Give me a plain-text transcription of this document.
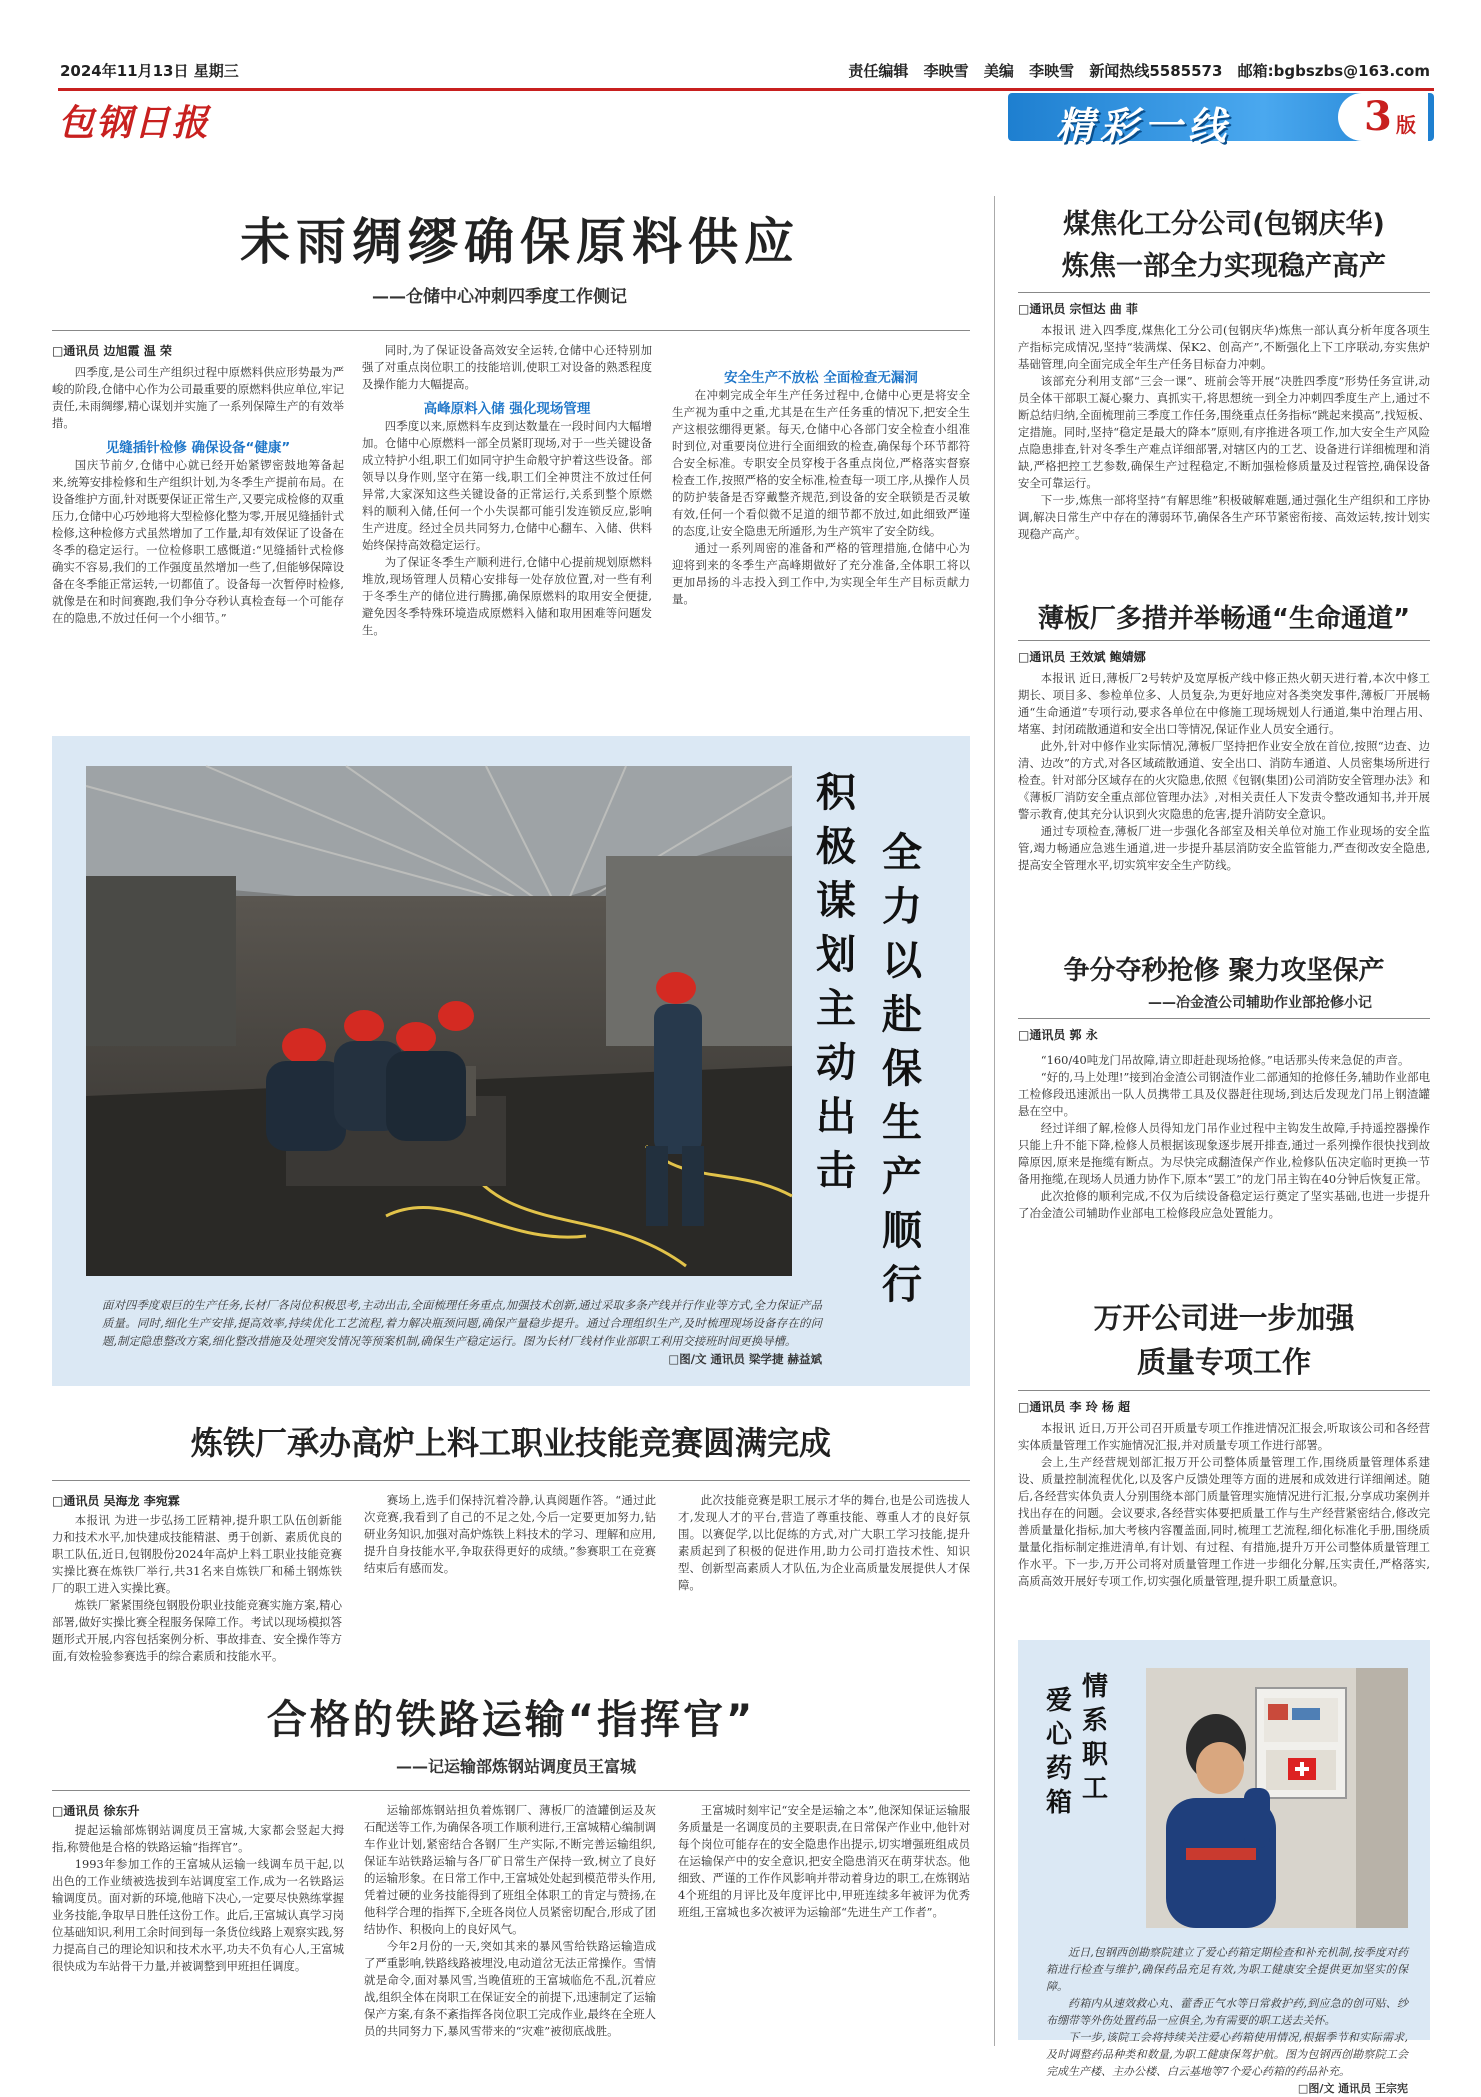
2024年11月13日 星期三	责任编辑 李映雪 美编 李映雪 新闻热线5585573 邮箱:bgbszbs@163.com
包钢日报	精彩一线	3 版
未雨绸缪确保原料供应
——仓储中心冲刺四季度工作侧记
□通讯员 边旭霞 温 荣

四季度,是公司生产组织过程中原燃料供应形势最为严峻的阶段,仓储中心作为公司最重要的原燃料供应单位,牢记责任,未雨绸缪,精心谋划并实施了一系列保障生产的有效举措。

见缝插针检修 确保设备“健康”

国庆节前夕,仓储中心就已经开始紧锣密鼓地筹备起来,统筹安排检修和生产组织计划,为冬季生产提前布局。在设备维护方面,针对既要保证正常生产,又要完成检修的双重压力,仓储中心巧妙地将大型检修化整为零,开展见缝插针式检修,这种检修方式虽然增加了工作量,却有效保证了设备在冬季的稳定运行。一位检修职工感慨道:“见缝插针式检修确实不容易,我们的工作强度虽然增加一些了,但能够保障设备在冬季能正常运转,一切都值了。设备每一次暂停时检修,就像是在和时间赛跑,我们争分夺秒认真检查每一个可能存在的隐患,不放过任何一个小细节。”

同时,为了保证设备高效安全运转,仓储中心还特别加强了对重点岗位职工的技能培训,使职工对设备的熟悉程度及操作能力大幅提高。

高峰原料入储 强化现场管理

四季度以来,原燃料车皮到达数量在一段时间内大幅增加。仓储中心原燃料一部全员紧盯现场,对于一些关键设备成立特护小组,职工们如同守护生命般守护着这些设备。部领导以身作则,坚守在第一线,职工们全神贯注不放过任何异常,大家深知这些关键设备的正常运行,关系到整个原燃料的顺利入储,任何一个小失误都可能引发连锁反应,影响生产进度。经过全员共同努力,仓储中心翻车、入储、供料始终保持高效稳定运行。

为了保证冬季生产顺利进行,仓储中心提前规划原燃料堆放,现场管理人员精心安排每一处存放位置,对一些有利于冬季生产的储位进行腾挪,确保原燃料的取用安全便捷,避免因冬季特殊环境造成原燃料入储和取用困难等问题发生。

安全生产不放松 全面检查无漏洞

在冲刺完成全年生产任务过程中,仓储中心更是将安全生产视为重中之重,尤其是在生产任务重的情况下,把安全生产这根弦绷得更紧。每天,仓储中心各部门安全检查小组准时到位,对重要岗位进行全面细致的检查,确保每个环节都符合安全标准。专职安全员穿梭于各重点岗位,严格落实督察检查工作,按照严格的安全标准,检查每一项工序,从操作人员的防护装备是否穿戴整齐规范,到设备的安全联锁是否灵敏有效,任何一个看似微不足道的细节都不放过,如此细致严谨的态度,让安全隐患无所遁形,为生产筑牢了安全防线。

通过一系列周密的准备和严格的管理措施,仓储中心为迎将到来的冬季生产高峰期做好了充分准备,全体职工将以更加昂扬的斗志投入到工作中,为实现全年生产目标贡献力量。

积极谋划主动出击
全力以赴保生产顺行
面对四季度艰巨的生产任务,长材厂各岗位积极思考,主动出击,全面梳理任务重点,加强技术创新,通过采取多条产线并行作业等方式,全力保证产品质量。同时,细化生产安排,提高效率,持续优化工艺流程,着力解决瓶颈问题,确保产量稳步提升。通过合理组织生产,及时梳理现场设备存在的问题,制定隐患整改方案,细化整改措施及处理突发情况等预案机制,确保生产稳定运行。图为长材厂线材作业部职工利用交接班时间更换导槽。
□图/文 通讯员 梁学捷 赫益斌
炼铁厂承办高炉上料工职业技能竞赛圆满完成
□通讯员 吴海龙 李宛霖

本报讯 为进一步弘扬工匠精神,提升职工队伍创新能力和技术水平,加快建成技能精湛、勇于创新、素质优良的职工队伍,近日,包钢股份2024年高炉上料工职业技能竞赛实操比赛在炼铁厂举行,共31名来自炼铁厂和稀土钢炼铁厂的职工进入实操比赛。

炼铁厂紧紧围绕包钢股份职业技能竞赛实施方案,精心部署,做好实操比赛全程服务保障工作。考试以现场模拟答题形式开展,内容包括案例分析、事故排查、安全操作等方面,有效检验参赛选手的综合素质和技能水平。

赛场上,选手们保持沉着冷静,认真阅题作答。“通过此次竞赛,我看到了自己的不足之处,今后一定要更加努力,钻研业务知识,加强对高炉炼铁上料技术的学习、理解和应用,提升自身技能水平,争取获得更好的成绩。”参赛职工在竞赛结束后有感而发。

此次技能竞赛是职工展示才华的舞台,也是公司选拔人才,发现人才的平台,营造了尊重技能、尊重人才的良好氛围。以赛促学,以比促练的方式,对广大职工学习技能,提升素质起到了积极的促进作用,助力公司打造技术性、知识型、创新型高素质人才队伍,为企业高质量发展提供人才保障。

合格的铁路运输“指挥官”
——记运输部炼钢站调度员王富城
□通讯员 徐东升

提起运输部炼钢站调度员王富城,大家都会竖起大拇指,称赞他是合格的铁路运输“指挥官”。

1993年参加工作的王富城从运输一线调车员干起,以出色的工作业绩被选拔到车站调度室工作,成为一名铁路运输调度员。面对新的环境,他暗下决心,一定要尽快熟练掌握业务技能,争取早日胜任这份工作。此后,王富城认真学习岗位基础知识,利用工余时间到每一条货位线路上观察实践,努力提高自己的理论知识和技术水平,功夫不负有心人,王富城很快成为车站骨干力量,并被调整到甲班担任调度。

运输部炼钢站担负着炼钢厂、薄板厂的渣罐倒运及灰石配送等工作,为确保各项工作顺利进行,王富城精心编制调车作业计划,紧密结合各钢厂生产实际,不断完善运输组织,保证车站铁路运输与各厂矿日常生产保持一致,树立了良好的运输形象。在日常工作中,王富城处处起到模范带头作用,凭着过硬的业务技能得到了班组全体职工的肯定与赞扬,在他科学合理的指挥下,全班各岗位人员紧密切配合,形成了团结协作、积极向上的良好风气。

今年2月份的一天,突如其来的暴风雪给铁路运输造成了严重影响,铁路线路被埋没,电动道岔无法正常操作。雪情就是命令,面对暴风雪,当晚值班的王富城临危不乱,沉着应战,组织全体在岗职工在保证安全的前提下,迅速制定了运输保产方案,有条不紊指挥各岗位职工完成作业,最终在全班人员的共同努力下,暴风雪带来的“灾难”被彻底战胜。

王富城时刻牢记“安全是运输之本”,他深知保证运输服务质量是一名调度员的主要职责,在日常保产作业中,他针对每个岗位可能存在的安全隐患作出提示,切实增强班组成员在运输保产中的安全意识,把安全隐患消灭在萌芽状态。他细致、严谨的工作作风影响并带动着身边的职工,在炼钢站4个班组的月评比及年度评比中,甲班连续多年被评为优秀班组,王富城也多次被评为运输部“先进生产工作者”。

煤焦化工分公司(包钢庆华)
炼焦一部全力实现稳产高产
□通讯员 宗恒达 曲 菲

本报讯 进入四季度,煤焦化工分公司(包钢庆华)炼焦一部认真分析年度各项生产指标完成情况,坚持“装满煤、保K2、创高产”,不断强化上下工序联动,夯实焦炉基础管理,向全面完成全年生产任务目标奋力冲刺。

该部充分利用支部“三会一课”、班前会等开展“决胜四季度”形势任务宣讲,动员全体干部职工凝心聚力、真抓实干,将思想统一到全力冲刺四季度生产上,通过不断总结归纳,全面梳理前三季度工作任务,围绕重点任务指标“跳起来摸高”,找短板、定措施。同时,坚持“稳定是最大的降本”原则,有序推进各项工作,加大安全生产风险点隐患排查,针对冬季生产难点详细部署,对辖区内的工艺、设备进行详细梳理和消缺,严格把控工艺参数,确保生产过程稳定,不断加强检修质量及过程管控,确保设备安全可靠运行。

下一步,炼焦一部将坚持“有解思维”积极破解难题,通过强化生产组织和工序协调,解决日常生产中存在的薄弱环节,确保各生产环节紧密衔接、高效运转,按计划实现稳产高产。

薄板厂多措并举畅通“生命通道”
□通讯员 王效斌 鲍婧娜

本报讯 近日,薄板厂2号转炉及宽厚板产线中修正热火朝天进行着,本次中修工期长、项目多、参检单位多、人员复杂,为更好地应对各类突发事件,薄板厂开展畅通“生命通道”专项行动,要求各单位在中修施工现场规划人行通道,集中治理占用、堵塞、封闭疏散通道和安全出口等情况,保证作业人员安全通行。

此外,针对中修作业实际情况,薄板厂坚持把作业安全放在首位,按照“边查、边清、边改”的方式,对各区域疏散通道、安全出口、消防车通道、人员密集场所进行检查。针对部分区域存在的火灾隐患,依照《包钢(集团)公司消防安全管理办法》和《薄板厂消防安全重点部位管理办法》,对相关责任人下发责令整改通知书,并开展警示教育,使其充分认识到火灾隐患的危害,提升消防安全意识。

通过专项检查,薄板厂进一步强化各部室及相关单位对施工作业现场的安全监管,竭力畅通应急逃生通道,进一步提升基层消防安全监管能力,严查彻改安全隐患,提高安全管理水平,切实筑牢安全生产防线。

争分夺秒抢修 聚力攻坚保产
——冶金渣公司辅助作业部抢修小记
□通讯员 郭 永

“160/40吨龙门吊故障,请立即赶赴现场抢修。”电话那头传来急促的声音。

“好的,马上处理!”接到冶金渣公司钢渣作业二部通知的抢修任务,辅助作业部电工检修段迅速派出一队人员携带工具及仪器赶往现场,到达后发现龙门吊上钢渣罐悬在空中。

经过详细了解,检修人员得知龙门吊作业过程中主钩发生故障,手持遥控器操作只能上升不能下降,检修人员根据该现象逐步展开排查,通过一系列操作很快找到故障原因,原来是拖缆有断点。为尽快完成翻渣保产作业,检修队伍决定临时更换一节备用拖缆,在现场人员通力协作下,原本“罢工”的龙门吊主钩在40分钟后恢复正常。

此次抢修的顺利完成,不仅为后续设备稳定运行奠定了坚实基础,也进一步提升了冶金渣公司辅助作业部电工检修段应急处置能力。

万开公司进一步加强
质量专项工作
□通讯员 李 玲 杨 超

本报讯 近日,万开公司召开质量专项工作推进情况汇报会,听取该公司和各经营实体质量管理工作实施情况汇报,并对质量专项工作进行部署。

会上,生产经营规划部汇报万开公司整体质量管理工作,围绕质量管理体系建设、质量控制流程优化,以及客户反馈处理等方面的进展和成效进行详细阐述。随后,各经营实体负责人分别围绕本部门质量管理实施情况进行汇报,分享成功案例并找出存在的问题。会议要求,各经营实体要把质量工作与生产经营紧密结合,修改完善质量量化指标,加大考核内容覆盖面,同时,梳理工艺流程,细化标准化手册,围绕质量量化指标制定推进清单,有计划、有过程、有措施,提升万开公司整体质量管理工作水平。下一步,万开公司将对质量管理工作进一步细化分解,压实责任,严格落实,高质高效开展好专项工作,切实强化质量管理,提升职工质量意识。

爱心药箱
情系职工

近日,包钢西创勘察院建立了爱心药箱定期检查和补充机制,按季度对药箱进行检查与维护,确保药品充足有效,为职工健康安全提供更加坚实的保障。

药箱内从速效救心丸、藿香正气水等日常救护药,到应急的创可贴、纱布绷带等外伤处置药品一应俱全,为有需要的职工送去关怀。

下一步,该院工会将持续关注爱心药箱使用情况,根据季节和实际需求,及时调整药品种类和数量,为职工健康保驾护航。图为包钢西创勘察院工会完成生产楼、主办公楼、白云基地等7个爱心药箱的药品补充。

□图/文 通讯员 王宗宪
